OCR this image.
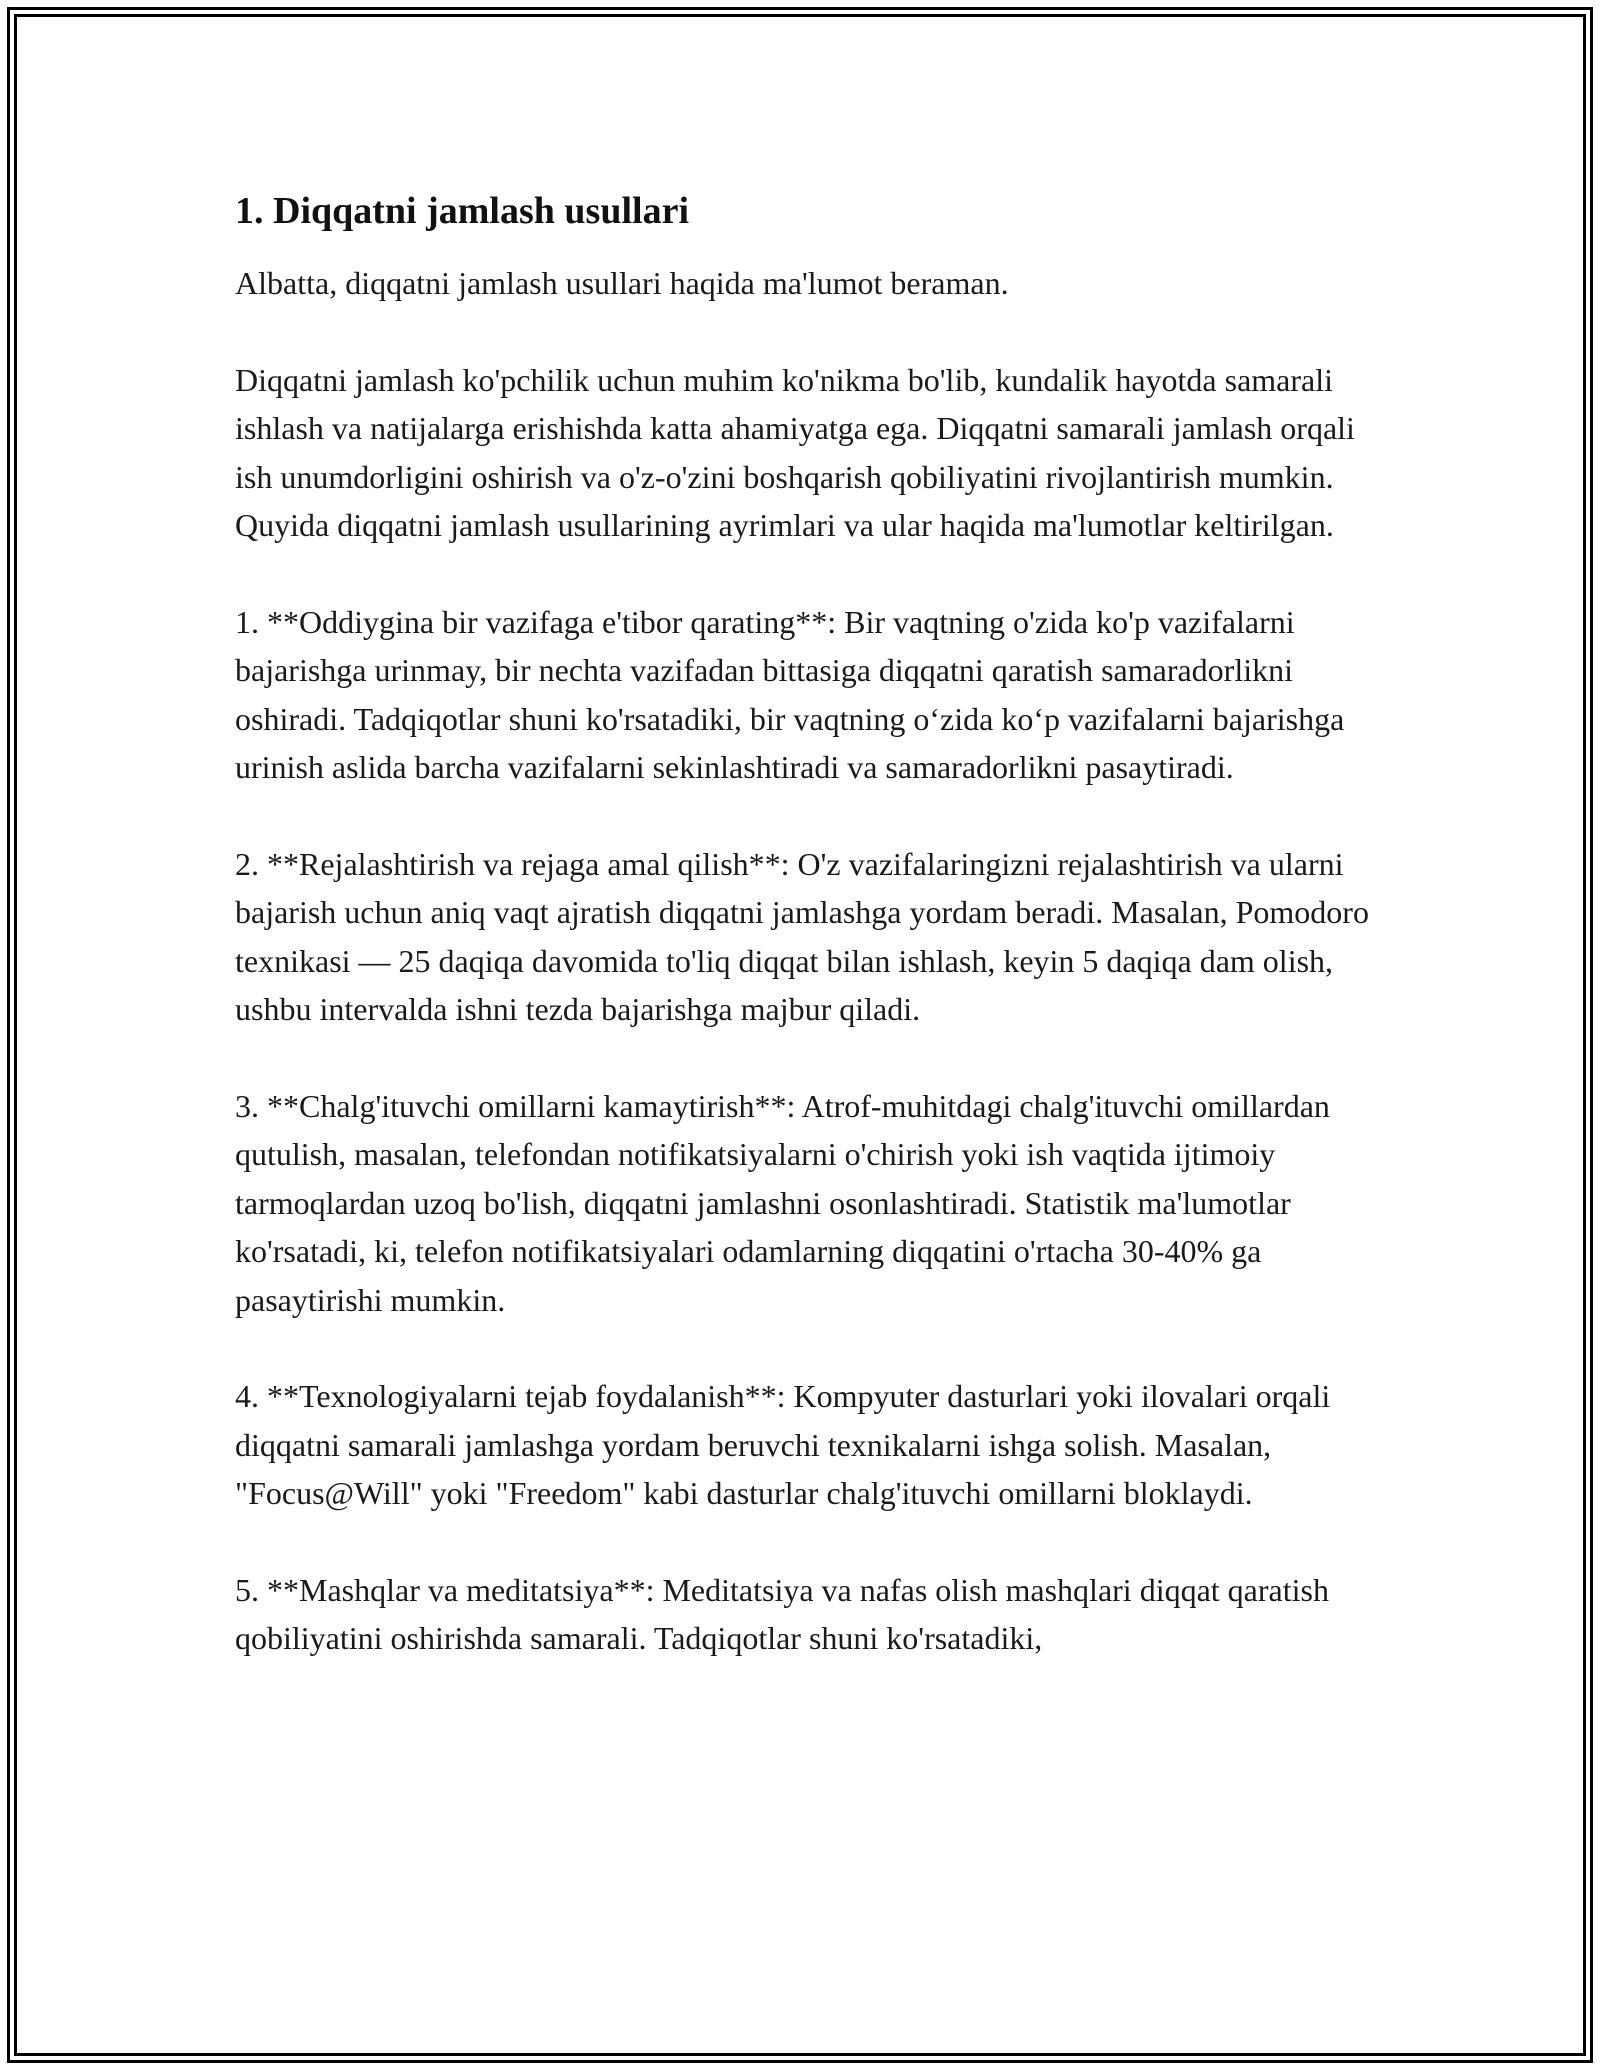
1. Diqqatni jamlash usullari

Albatta, diqqatni jamlash usullari haqida ma'lumot beraman.

Diqqatni jamlash ko'pchilik uchun muhim ko'nikma bo'lib, kundalik hayotda samarali ishlash va natijalarga erishishda katta ahamiyatga ega. Diqqatni samarali jamlash orqali ish unumdorligini oshirish va o'z-o'zini boshqarish qobiliyatini rivojlantirish mumkin. Quyida diqqatni jamlash usullarining ayrimlari va ular haqida ma'lumotlar keltirilgan.

1. **Oddiygina bir vazifaga e'tibor qarating**: Bir vaqtning o'zida ko'p vazifalarni bajarishga urinmay, bir nechta vazifadan bittasiga diqqatni qaratish samaradorlikni oshiradi. Tadqiqotlar shuni ko'rsatadiki, bir vaqtning o‘zida ko‘p vazifalarni bajarishga urinish aslida barcha vazifalarni sekinlashtiradi va samaradorlikni pasaytiradi.

2. **Rejalashtirish va rejaga amal qilish**: O'z vazifalaringizni rejalashtirish va ularni bajarish uchun aniq vaqt ajratish diqqatni jamlashga yordam beradi. Masalan, Pomodoro texnikasi — 25 daqiqa davomida to'liq diqqat bilan ishlash, keyin 5 daqiqa dam olish, ushbu intervalda ishni tezda bajarishga majbur qiladi.

3. **Chalg'ituvchi omillarni kamaytirish**: Atrof-muhitdagi chalg'ituvchi omillardan qutulish, masalan, telefondan notifikatsiyalarni o'chirish yoki ish vaqtida ijtimoiy tarmoqlardan uzoq bo'lish, diqqatni jamlashni osonlashtiradi. Statistik ma'lumotlar ko'rsatadi, ki, telefon notifikatsiyalari odamlarning diqqatini o'rtacha 30-40% ga pasaytirishi mumkin.

4. **Texnologiyalarni tejab foydalanish**: Kompyuter dasturlari yoki ilovalari orqali diqqatni samarali jamlashga yordam beruvchi texnikalarni ishga solish. Masalan, "Focus@Will" yoki "Freedom" kabi dasturlar chalg'ituvchi omillarni bloklaydi.

5. **Mashqlar va meditatsiya**: Meditatsiya va nafas olish mashqlari diqqat qaratish qobiliyatini oshirishda samarali. Tadqiqotlar shuni ko'rsatadiki,
